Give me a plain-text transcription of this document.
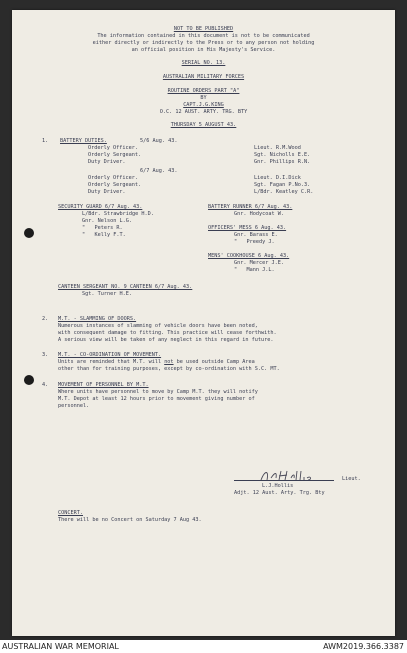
NOT TO BE PUBLISHED
The information contained in this document is not to be communicated
either directly or indirectly to the Press or to any person not holding
an official position in His Majesty's Service.
SERIAL NO. 13.
AUSTRALIAN MILITARY FORCES
ROUTINE ORDERS PART "A"
BY
CAPT.J.G.KING
O.C. 12 AUST. ARTY. TRG. BTY
THURSDAY 5 AUGUST 43.
1. BATTERY DUTIES.	5/6 Aug. 43.
Orderly Officer.
Orderly Sergeant.
Duty Driver.
Lieut. R.M.Wood
Sgt. Nicholls E.E.
Gnr. Phillips R.N.
6/7 Aug. 43.
Orderly Officer.
Orderly Sergeant.
Duty Driver.
Lieut. D.I.Dick
Sgt. Fagan P.No.3.
L/Bdr. Keatley C.R.
SECURITY GUARD 6/7 Aug. 43.
L/Bdr. Strawbridge H.D.
Gnr. Nelson L.G.
"   Peters R.
"   Kelly F.T.
BATTERY RUNNER 6/7 Aug. 43.
Gnr. Hodycoat W.
OFFICERS' MESS 6 Aug. 43.
Gnr. Barass E.
"   Preedy J.
MENS' COOKHOUSE 6 Aug. 43.
Gnr. Mercer J.E.
"   Mann J.L.
CANTEEN SERGEANT NO. 9 CANTEEN 6/7 Aug. 43.
Sgt. Turner H.E.
2. M.T. - SLAMMING OF DOORS.
Numerous instances of slamming of vehicle doors have been noted,
with consequent damage to fitting. This practice will cease forthwith.
A serious view will be taken of any neglect in this regard in future.
3. M.T. - CO-ORDINATION OF MOVEMENT.
Units are reminded that M.T. will not be used outside Camp Area
other than for training purposes, except by co-ordination with S.C. MT.
4. MOVEMENT OF PERSONNEL BY M.T.
Where units have personnel to move by Camp M.T. they will notify
M.T. Depot at least 12 hours prior to movement giving number of
personnel.
Lieut.
L.J.Hollis
Adjt. 12 Aust. Arty. Trg. Bty
CONCERT.
There will be no Concert on Saturday 7 Aug 43.
AUSTRALIAN WAR MEMORIAL	AWM2019.366.3387
